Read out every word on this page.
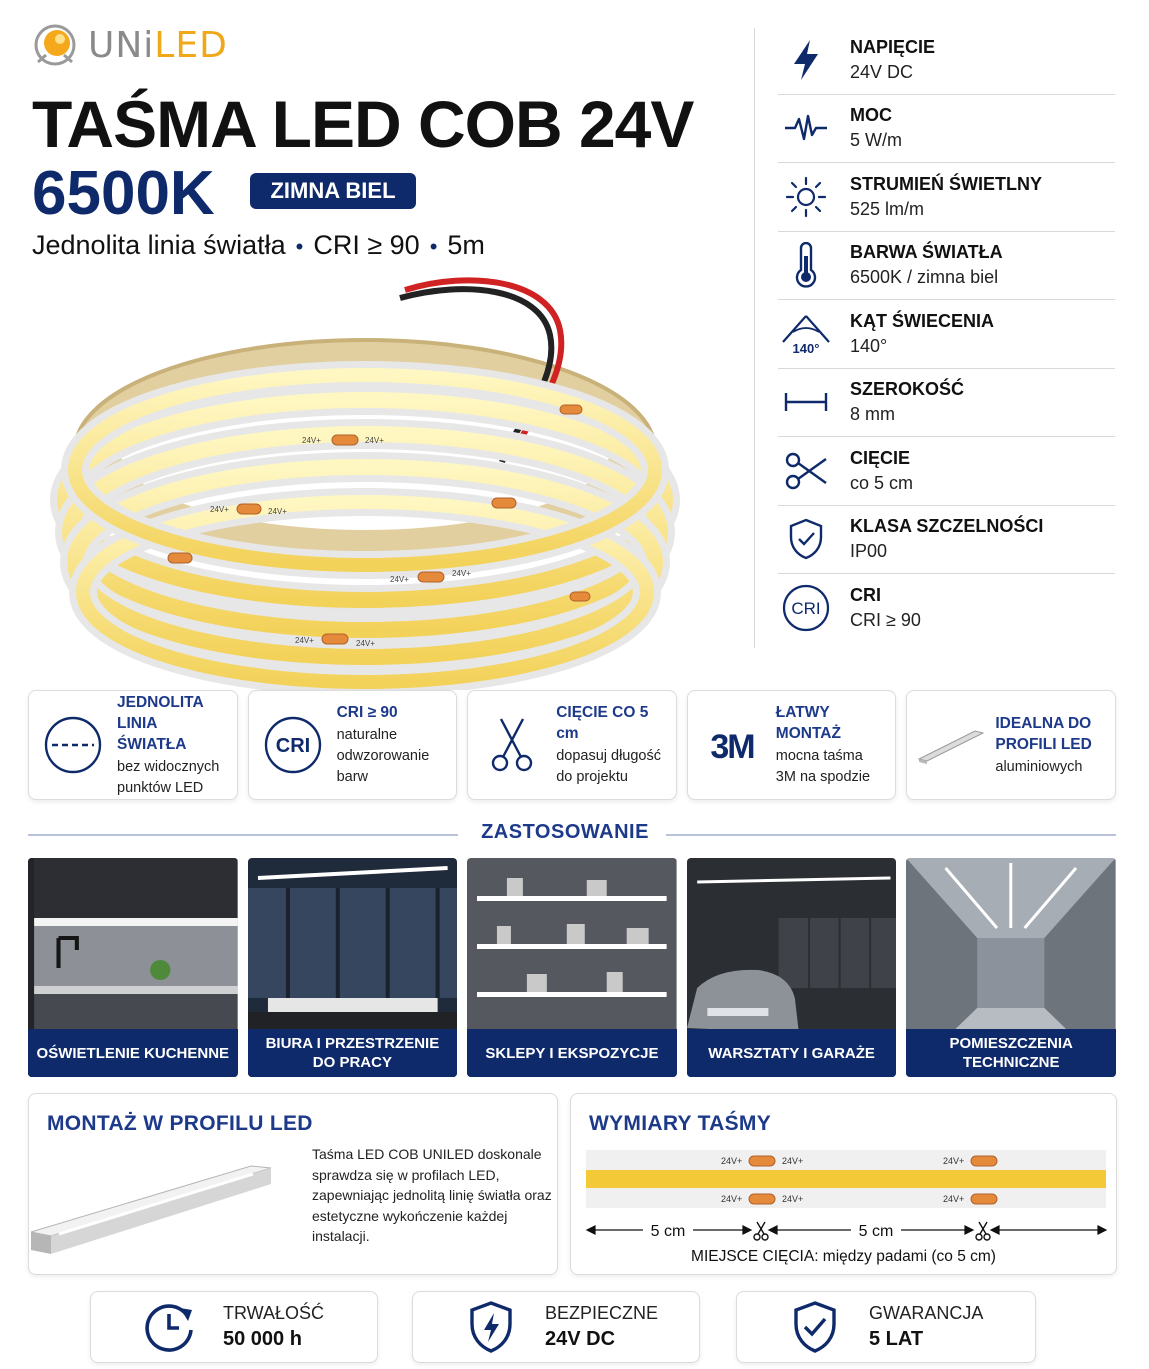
UNiLED
TAŚMA LED COB 24V
6500K	ZIMNA BIEL
Jednolita linia światła • CRI ≥ 90 • 5m
24V+	24V+
24V+	24V+
24V+
24V+
24V+	24V+
NAPIĘCIE
24V DC
MOC
5 W/m
STRUMIEŃ ŚWIETLNY
525 lm/m
BARWA ŚWIATŁA
6500K / zimna biel
140°
KĄT ŚWIECENIA
140°
SZEROKOŚĆ
8 mm
CIĘCIE
co 5 cm
KLASA SZCZELNOŚCI
IP00
CRI
CRI
CRI ≥ 90
JEDNOLITA LINIA ŚWIATŁA
bez widocznych punktów LED
CRI
CRI ≥ 90
naturalne odwzorowanie barw
CIĘCIE CO 5 cm
dopasuj długość do projektu
3M
ŁATWY MONTAŻ
mocna taśma 3M na spodzie
IDEALNA DO PROFILI LED
aluminiowych
ZASTOSOWANIE
OŚWIETLENIE KUCHENNE
BIURA I PRZESTRZENIE DO PRACY
SKLEPY I EKSPOZYCJE	WARSZTATY I GARAŻE
POMIESZCZENIA TECHNICZNE
MONTAŻ W PROFILU LED
Taśma LED COB UNILED doskonale sprawdza się w profilach LED, zapewniając jednolitą linię światła oraz estetyczne wykończenie każdej instalacji.
WYMIARY TAŚMY
24V+	24V+
24V+	24V+
24V+
24V+
5 cm	5 cm
MIEJSCE CIĘCIA: między padami (co 5 cm)
TRWAŁOŚĆ
50 000 h
BEZPIECZNE
24V DC
GWARANCJA
5 LAT
